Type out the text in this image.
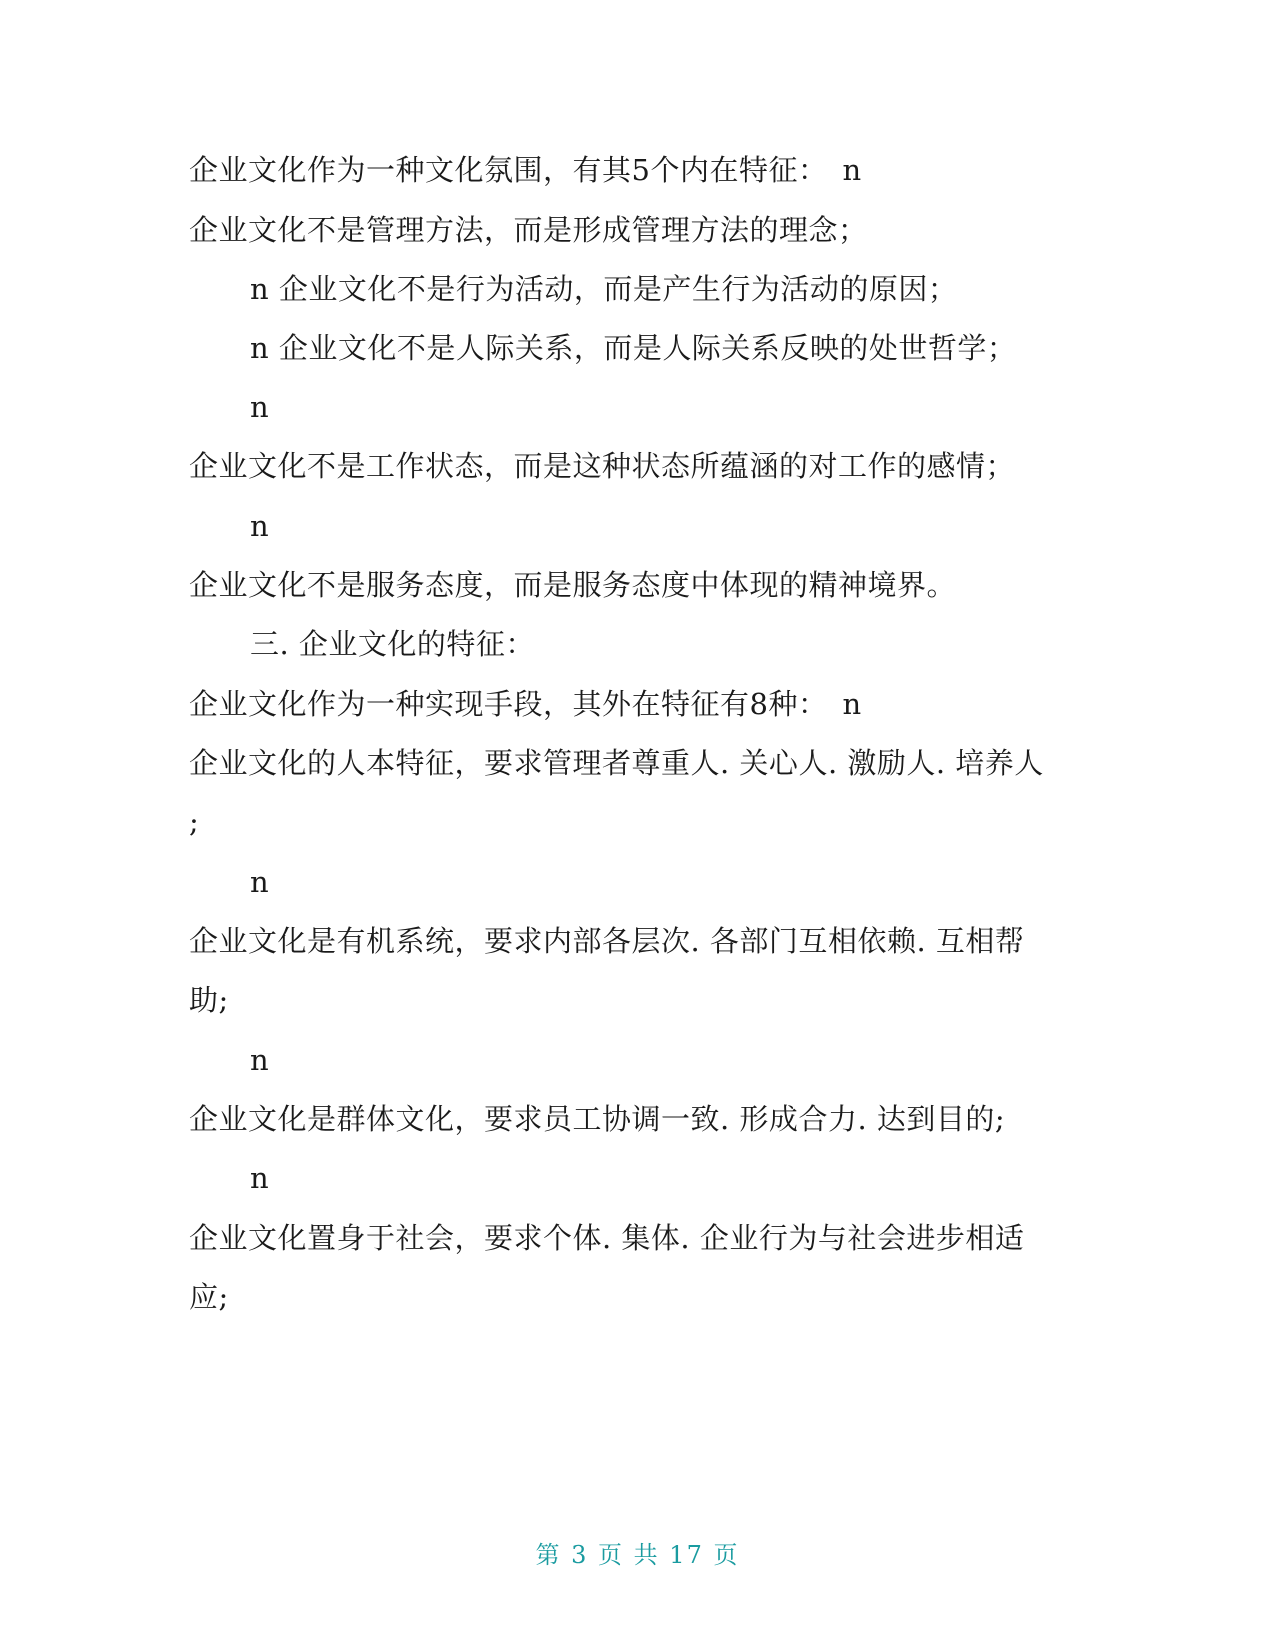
企业文化作为一种文化氛围，有其5个内在特征：　n
企业文化不是管理方法，而是形成管理方法的理念；
n 企业文化不是行为活动，而是产生行为活动的原因；
n 企业文化不是人际关系，而是人际关系反映的处世哲学；
n
企业文化不是工作状态，而是这种状态所蕴涵的对工作的感情；
n
企业文化不是服务态度，而是服务态度中体现的精神境界。
三. 企业文化的特征：
企业文化作为一种实现手段，其外在特征有8种：　n
企业文化的人本特征，要求管理者尊重人. 关心人. 激励人. 培养人
;
n
企业文化是有机系统，要求内部各层次. 各部门互相依赖. 互相帮
助;
n
企业文化是群体文化，要求员工协调一致. 形成合力. 达到目的;
n
企业文化置身于社会，要求个体. 集体. 企业行为与社会进步相适
应;
第 3 页 共 17 页
